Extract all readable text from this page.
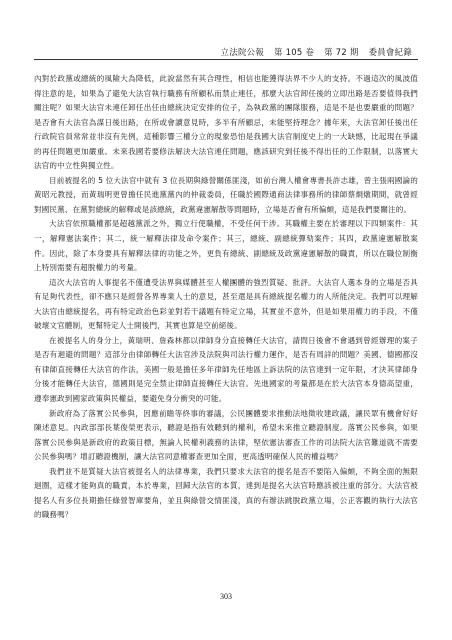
立法院公報 第 105 卷 第 72 期 委員會紀錄

內對於政黨或總統的風險大為降低，此說當然有其合理性，相信也能獲得法界不少人的支持。不過這次的風波值得注意的是，如果為了避免大法官執行職務有所顧私而禁止連任，那麼大法官卸任後的立即出路是否要值得我們關注呢？如果大法官未連任卸任出任由總統決定安排的位子，為執政黨的團隊服務，這是不是也要嚴重的問題？是否會有大法官為謀日後出路，在所或會讀意見時，多半有所顧忌，未能堅持理念？據年來，大法官卸任後出任行政院官員常常並非沒有先例，這種影響三權分立的現象恐怕是我國大法官制度史上的一大缺憾，比起現在爭議的再任問題更加嚴重。未來我國若要修法解決大法官連任問題，應該研究到任後不得出任的工作限制，以落實大法官的中立性與獨立性。

目前被提名的 5 位大法官中就有 3 位長期與綠營關係匪淺，如前台灣人權會專書長許志雄，曾主張兩國論的黃昭元教授，而黃瑞明更曾擔任民進黨黨內的仲裁委員，任職於國際通商法律事務所的律師蔡烱燉期間，就曾經對國民黨、在黨對總統的解釋或是該總統，政黨違憲解散等問題時，立場是否會有所偏頗，這是我們要關注的。

大法官依照職權都是超越黨派之外，獨立行使職權，不受任何干涉。其職權主要在於審理以下四類案件：其一，解釋憲法案件；其二，統一解釋法律及命令案件；其三，總統、副總統彈劾案件；其四，政黨違憲解散案件。因此，除了本身要具有解釋法律的功能之外，更負有總統、副總統及政黨違憲解散的職責，所以在職位制衡上特別需要有超脫權力的考量。

這次大法官的人事提名不僅遭受法界與媒體甚至人權團體的強烈質疑、批評。大法官人選本身的立場是否具有足夠代表性，卻不應只是經營各界專業人士的意見，甚至還是具有總統提名權力的人所能決定。我們可以理解大法官由總統提名，再有特定政治色彩並對若干議題有特定立場，其實並不意外，但是如果用權力的手段，不僅破壞文官體制，更幫特定人士開後門，其實也算是空前絕後。

在被提名人的身分上，黃瑞明、詹森林都以律師身分直接轉任大法官，請問日後會不會遇到曾經辦理的案子是否有迴避的問題？這部分由律師轉任大法官涉及法院與司法行權力運作，是否有周詳的問題？美國、德國都沒有律師直接轉任大法官的作法，美國一般是擔任多年律師先任地區上訴法院的法官達到一定年限，才決其律師身分後才能轉任大法官，德國則是完全禁止律師直接轉任大法官。先進國家的考量都是在於大法官本身德高望重，遵奉憲政到國家政策與民權益，要避免身分衝突的可能。

新政府為了落實公民參與，因應前瞻等終事的審議，公民團體要求推動法地徵收建政議，讓民眾有機會好好陳述意見。內政部部長葉俊榮更表示，聽證是指有效聽到的權利，希望未來推立聽證制度。落實公民參與，如果落實公民參與是新政府的政策目標，無論人民權利義務的法律，堅依憲法審查工作的司法院大法官難道就不需要公民參與嗎？增訂聽證機制，讓大法官同意權審查更加全面，更高透明確保人民的權益嗎？

我們並不是質疑大法官被提名人的法律專業，我們只要求大法官的提名是否不要陷入偏頗，不夠全面的無限迴圈，這樣才能夠真的職責，本於專業，回歸大法官的本質，達到是提名大法官時應該被注重的部分。大法官被提名人有多位長期擔任綠營智庫要角，並且與綠營交情匪淺，真的有辦法跳脫政黨立場，公正客觀的執行大法官的職務嗎？

303
